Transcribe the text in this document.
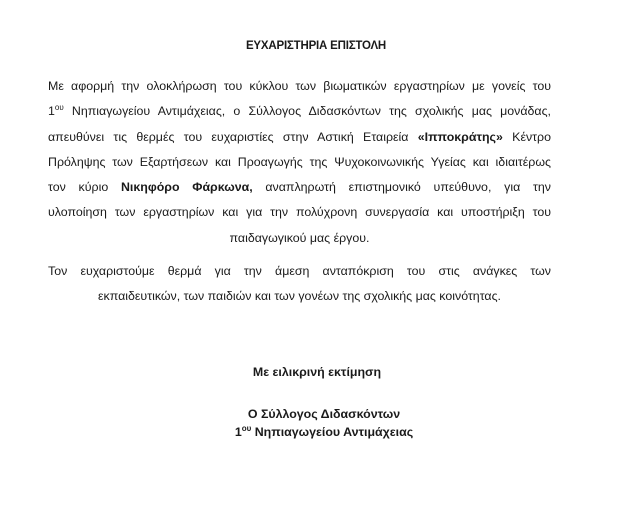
ΕΥΧΑΡΙΣΤΗΡΙΑ ΕΠΙΣΤΟΛΗ
Με αφορμή την ολοκλήρωση του κύκλου των βιωματικών εργαστηρίων με γονείς του
$1^{o\upsilon}$ Νηπιαγωγείου Αντιμάχειας, ο Σύλλογος Διδασκόντων της σχολικής μας μονάδας,
απευθύνει τις θερμές του ευχαριστίες στην Αστική Εταιρεία «Ιπποκράτης» Κέντρο
Πρόληψης των Εξαρτήσεων και Προαγωγής της Ψυχοκοινωνικής Υγείας και ιδιαιτέρως
τον κύριο Νικηφόρο Φάρκωνα, αναπληρωτή επιστημονικό υπεύθυνο, για την
υλοποίηση των εργαστηρίων και για την πολύχρονη συνεργασία και υποστήριξη του
παιδαγωγικού μας έργου.
Τον ευχαριστούμε θερμά για την άμεση ανταπόκριση του στις ανάγκες των
εκπαιδευτικών, των παιδιών και των γονέων της σχολικής μας κοινότητας.
Με ειλικρινή εκτίμηση
Ο Σύλλογος Διδασκόντων
$1^{o\upsilon}$ Νηπιαγωγείου Αντιμάχειας
